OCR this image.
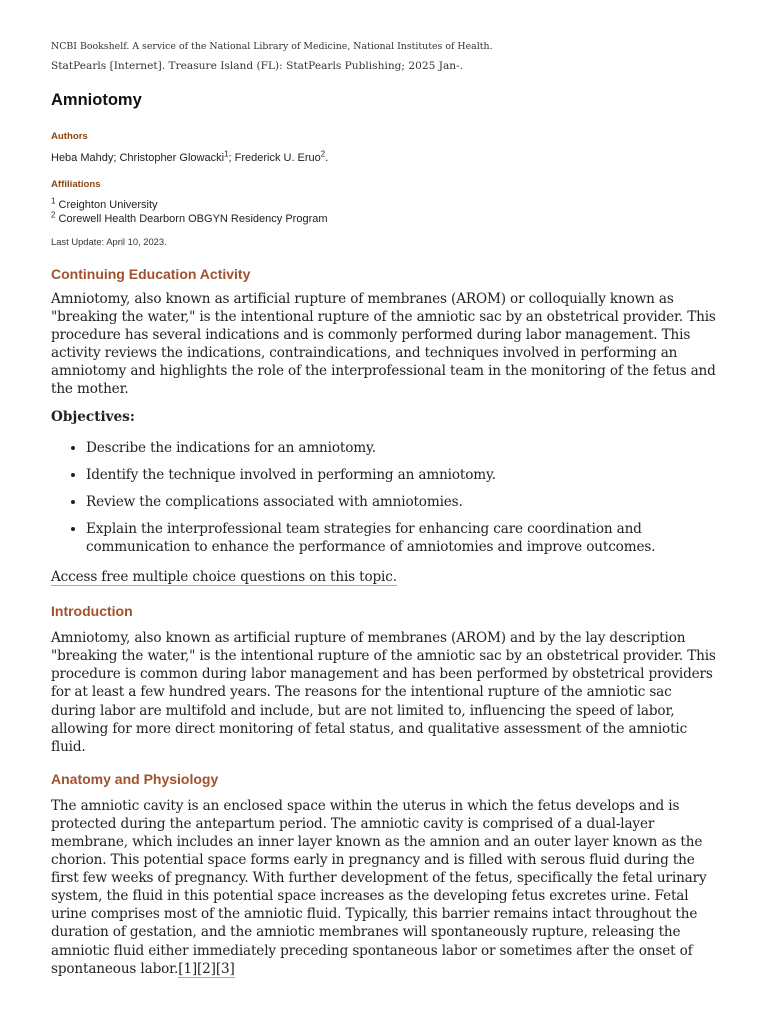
NCBI Bookshelf. A service of the National Library of Medicine, National Institutes of Health.

StatPearls [Internet]. Treasure Island (FL): StatPearls Publishing; 2025 Jan-.

Amniotomy
Authors
Heba Mahdy; Christopher Glowacki$^1$; Frederick U. Eruo$^2$.
Affiliations
$^1$ Creighton University
$^2$ Corewell Health Dearborn OBGYN Residency Program
Last Update: April 10, 2023.
Continuing Education Activity

Amniotomy, also known as artificial rupture of membranes (AROM) or colloquially known as "breaking the water," is the intentional rupture of the amniotic sac by an obstetrical provider. This procedure has several indications and is commonly performed during labor management. This activity reviews the indications, contraindications, and techniques involved in performing an amniotomy and highlights the role of the interprofessional team in the monitoring of the fetus and the mother.

Objectives:
• Describe the indications for an amniotomy.
• Identify the technique involved in performing an amniotomy.
• Review the complications associated with amniotomies.
• Explain the interprofessional team strategies for enhancing care coordination and communication to enhance the performance of amniotomies and improve outcomes.

Access free multiple choice questions on this topic.

Introduction

Amniotomy, also known as artificial rupture of membranes (AROM) and by the lay description "breaking the water," is the intentional rupture of the amniotic sac by an obstetrical provider. This procedure is common during labor management and has been performed by obstetrical providers for at least a few hundred years. The reasons for the intentional rupture of the amniotic sac during labor are multifold and include, but are not limited to, influencing the speed of labor, allowing for more direct monitoring of fetal status, and qualitative assessment of the amniotic fluid.

Anatomy and Physiology

The amniotic cavity is an enclosed space within the uterus in which the fetus develops and is protected during the antepartum period. The amniotic cavity is comprised of a dual-layer membrane, which includes an inner layer known as the amnion and an outer layer known as the chorion. This potential space forms early in pregnancy and is filled with serous fluid during the first few weeks of pregnancy. With further development of the fetus, specifically the fetal urinary system, the fluid in this potential space increases as the developing fetus excretes urine. Fetal urine comprises most of the amniotic fluid. Typically, this barrier remains intact throughout the duration of gestation, and the amniotic membranes will spontaneously rupture, releasing the amniotic fluid either immediately preceding spontaneous labor or sometimes after the onset of spontaneous labor.[1][2][3]
